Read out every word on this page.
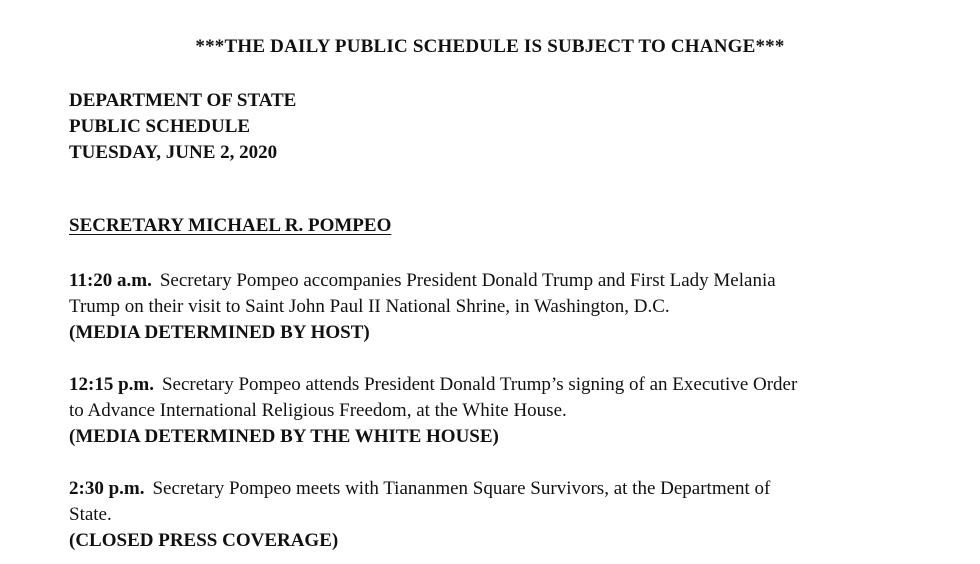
***THE DAILY PUBLIC SCHEDULE IS SUBJECT TO CHANGE***
DEPARTMENT OF STATE
PUBLIC SCHEDULE
TUESDAY, JUNE 2, 2020
SECRETARY MICHAEL R. POMPEO
11:20 a.m. Secretary Pompeo accompanies President Donald Trump and First Lady Melania
Trump on their visit to Saint John Paul II National Shrine, in Washington, D.C.
(MEDIA DETERMINED BY HOST)
12:15 p.m. Secretary Pompeo attends President Donald Trump’s signing of an Executive Order
to Advance International Religious Freedom, at the White House.
(MEDIA DETERMINED BY THE WHITE HOUSE)
2:30 p.m. Secretary Pompeo meets with Tiananmen Square Survivors, at the Department of
State.
(CLOSED PRESS COVERAGE)
